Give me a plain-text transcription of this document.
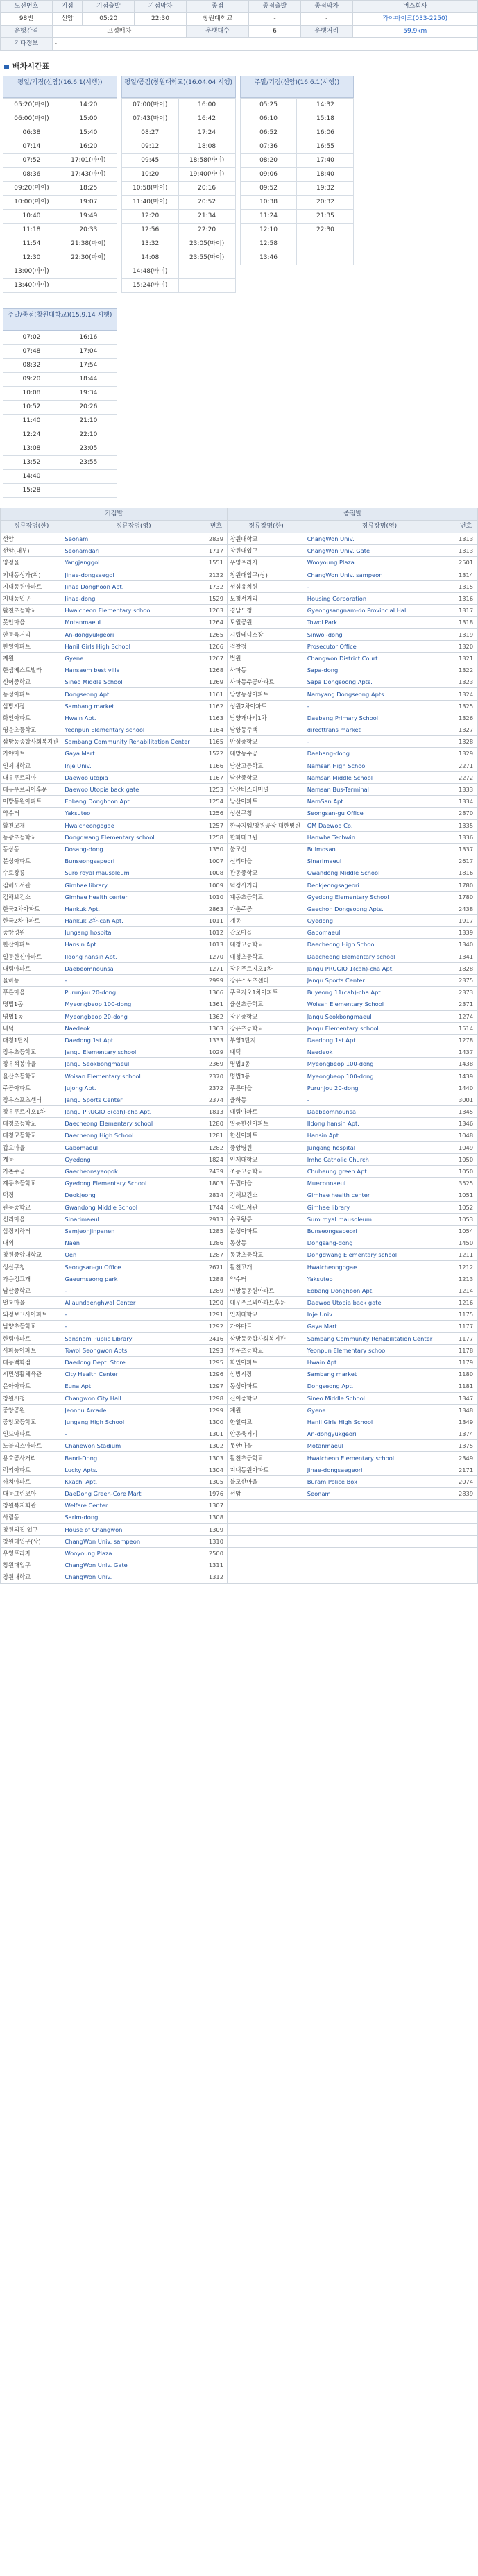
노선번호	기점	기점출발	기점막차	종점	종점출발	종점막차	버스회사
98번	선암	05:20	22:30	창원대학교	-	-	가야마이크(033-2250)
운행간격	고정배차			운행대수	6	운행거리	59.9km
기타정보	-						
배차시간표
평일/기점(선암)(16.6.1(시행))
05:20(마이)	14:20
06:00(마이)	15:00
06:38	15:40
07:14	16:20
07:52	17:01(마이)
08:36	17:43(마이)
09:20(마이)	18:25
10:00(마이)	19:07
10:40	19:49
11:18	20:33
11:54	21:38(마이)
12:30	22:30(마이)
13:00(마이)	
13:40(마이)	
평일/종점(창원대학교)(16.04.04 시행)
07:00(마이)	16:00
07:43(마이)	16:42
08:27	17:24
09:12	18:08
09:45	18:58(마이)
10:20	19:40(마이)
10:58(마이)	20:16
11:40(마이)	20:52
12:20	21:34
12:56	22:20
13:32	23:05(마이)
14:08	23:55(마이)
14:48(마이)	
15:24(마이)	
주말/기점(선암)(16.6.1(시행))
05:25	14:32
06:10	15:18
06:52	16:06
07:36	16:55
08:20	17:40
09:06	18:40
09:52	19:32
10:38	20:32
11:24	21:35
12:10	22:30
12:58	
13:46	
주말/종점(창원대학교)(15.9.14 시행)
07:02	16:16
07:48	17:04
08:32	17:54
09:20	18:44
10:08	19:34
10:52	20:26
11:40	21:10
12:24	22:10
13:08	23:05
13:52	23:55
14:40	
15:28	
기점발			종점발		
정류장명(한)	정류장명(영)	번호	정류장명(한)	정류장명(영)	번호
선암	Seonam	2839	창원대학교	ChangWon Univ.	1313
선암(내부)	Seonamdari	1717	창원대입구	ChangWon Univ. Gate	1313
양정울	Yangjanggol	1551	우영프라자	Wooyoung Plaza	2501
지내동성가(위)	Jinae-dongsaegol	2132	창원대입구(상)	ChangWon Univ. sampeon	1314
지내동원아파트	Jinae Donghoon Apt.	1732	성심유치원	-	1315
지내동입구	Jinae-dong	1529	도청서거리	Housing Corporation	1316
활천초등학교	Hwalcheon Elementary school	1263	경남도청	Gyeongsangnam-do Provincial Hall	1317
못안마을	Motanmaeul	1264	토월공원	Towol Park	1318
안동육거리	An-dongyukgeori	1265	시립테니스장	Sinwol-dong	1319
한일아파트	Hanil Girls High School	1266	검찰청	Prosecutor Office	1320
계원	Gyene	1267	법원	Changwon District Court	1321
한샘베스트빌라	Hansaem best villa	1268	사파동	Sapa-dong	1322
신어중학교	Sineo Middle School	1269	사파동주공아파트	Sapa Dongsoong Apts.	1323
동성아파트	Dongseong Apt.	1161	남양동성아파트	Namyang Dongseong Apts.	1324
삼방시장	Sambang market	1162	성원2차아파트	-	1325
화인아파트	Hwain Apt.	1163	남양개나리1차	Daebang Primary School	1326
영운초등학교	Yeonpun Elementary school	1164	남양동주택	directtrans market	1327
삼방동종합사회복지관	Sambang Community Rehabilitation Center	1165	안성중학교	-	1328
가야마트	Gaya Mart	1522	대방동주공	Daebang-dong	1329
인제대학교	Inje Univ.	1166	남산고등학교	Namsan High School	2271
대우푸르뫼아	Daewoo utopia	1167	남산중학교	Namsan Middle School	2272
대우푸르뫼아후문	Daewoo Utopia back gate	1253	남산버스터미널	Namsan Bus-Terminal	1333
어방동원아파트	Eobang Donghoon Apt.	1254	남산아파트	NamSan Apt.	1334
약수터	Yaksuteo	1256	성산구청	Seongsan-gu Office	2870
활천고개	Hwalcheongogae	1257	한국지엠/창원공장 대한병원	GM Daewoo Co.	1335
동광초등학교	Dongdwang Elementary school	1258	한화테크윈	Hanwha Techwin	1336
동상동	Dosang-dong	1350	불모산	Bulmosan	1337
분성아파트	Bunseongsapeori	1007	신리마을	Sinarimaeul	2617
수로왕릉	Suro royal mausoleum	1008	관동중학교	Gwandong Middle School	1816
김해도서관	Gimhae library	1009	덕정사거리	Deokjeongsageori	1780
김해보건소	Gimhae health center	1010	계동초등학교	Gyedong Elementary School	1780
한국2차아파트	Hankuk Apt.	2863	가촌주공	Gaechon Dongsoong Apts.	2438
한국2차아파트	Hankuk 2차-cah Apt.	1011	계동	Gyedong	1917
중앙병원	Jungang hospital	1012	갑오마을	Gabomaeul	1339
한산아파트	Hansin Apt.	1013	대청고등학교	Daecheong High School	1340
일동한신아파트	Ildong hansin Apt.	1270	대청초등학교	Daecheong Elementary school	1341
대림아파트	Daebeomnounsa	1271	장유푸르지오1차	Janqu PRUGIO 1(cah)-cha Apt.	1828
율하동	-	2999	장유스포츠센터	Janqu Sports Center	2375
푸른마을	Purunjou 20-dong	1366	푸르지오1차아파트	Buyeong 11(cah)-cha Apt.	2373
명법1동	Myeongbeop 100-dong	1361	율산초등학교	Woisan Elementary School	2371
명법1동	Myeongbeop 20-dong	1362	장유중학교	Janqu Seokbongmaeul	1274
내덕	Naedeok	1363	장유초등학교	Janqu Elementary school	1514
대청1단지	Daedong 1st Apt.	1333	부영1단지	Daedong 1st Apt.	1278
장유초등학교	Janqu Elementary school	1029	내덕	Naedeok	1437
장유석봉마을	Janqu Seokbongmaeul	2369	명법1동	Myeongbeop 100-dong	1438
율산초등학교	Woisan Elementary school	2370	명법1동	Myeongbeop 100-dong	1439
주공아파트	Jujong Apt.	2372	푸른마을	Purunjou 20-dong	1440
장유스포츠센터	Janqu Sports Center	2374	율하동	-	3001
장유푸르지오1차	Janqu PRUGIO 8(cah)-cha Apt.	1813	대림아파트	Daebeomnounsa	1345
대청초등학교	Daecheong Elementary school	1280	일동한신아파트	Ildong hansin Apt.	1346
대청고등학교	Daecheong High School	1281	한신아파트	Hansin Apt.	1048
갑오마을	Gabomaeul	1282	중앙병원	Jungang hospital	1049
계동	Gyedong	1824	인제대학교	Imho Catholic Church	1050
가촌주공	Gaecheonsyeopok	2439	조동고등학교	Chuheung green Apt.	1050
계동초등학교	Gyedong Elementary School	1803	무접마을	Mueconnaeul	3525
덕정	Deokjeong	2814	김해보건소	Gimhae health center	1051
관동중학교	Gwandong Middle School	1744	김해도서관	Gimhae library	1052
신리마을	Sinarimaeul	2913	수로왕릉	Suro royal mausoleum	1053
삼정지하터	Samjeonjinpanen	1285	분성아파트	Bunseongsapeori	1054
내외	Naen	1286	동상동	Dongsang-dong	1450
창원중앙대학교	Oen	1287	동광초등학교	Dongdwang Elementary school	1211
성산구청	Seongsan-gu Office	2671	활천고개	Hwalcheongogae	1212
가음정고개	Gaeumseong park	1288	약수터	Yaksuteo	1213
남산중학교	-	1289	어방동동원아파트	Eobang Donghoon Apt.	1214
얼롱마을	Allaundaenghwal Center	1290	대우푸르뫼아파트후문	Daewoo Utopia back gate	1216
외정보고사아파트	-	1291	인제대학교	Inje Univ.	1175
남양초등학교	-	1292	가야마트	Gaya Mart	1177
한림아파트	Sansnam Public Library	2416	삼방동종합사회복지관	Sambang Community Rehabilitation Center	1177
사파동아파트	Towol Seongwon Apts.	1293	영운초등학교	Yeonpun Elementary school	1178
대동백화점	Daedong Dept. Store	1295	화인아파트	Hwain Apt.	1179
시민생활체육관	City Health Center	1296	삼방시장	Sambang market	1180
은아아파트	Euna Apt.	1297	동성아파트	Dongseong Apt.	1181
창원시청	Changwon City Hall	1298	신어중학교	Sineo Middle School	1347
중앙공원	Jeonpu Arcade	1299	계원	Gyene	1348
중앙고등학교	Jungang High School	1300	한일여고	Hanil Girls High School	1349
인드아파트	-	1301	안동육거리	An-dongyukgeori	1374
노블리스아파트	Chanewon Stadium	1302	못안마을	Motanmaeul	1375
용호공사거리	Banri-Dong	1303	활천초등학교	Hwalcheon Elementary school	2349
럭키아파트	Lucky Apts.	1304	지내동원아파트	Jinae-dongsaegeori	2171
까치아파트	Kkachi Apt.	1305	불모산마을	Buram Police Box	2074
대동그린코아	DaeDong Green-Core Mart	1976	선암	Seonam	2839
창원복지회관	Welfare Center	1307			
사림동	Sarim-dong	1308			
창원의집 입구	House of Changwon	1309			
창원대입구(상)	ChangWon Univ. sampeon	1310			
우영프라자	Wooyoung Plaza	2500			
창원대입구	ChangWon Univ. Gate	1311			
창원대학교	ChangWon Univ.	1312			
